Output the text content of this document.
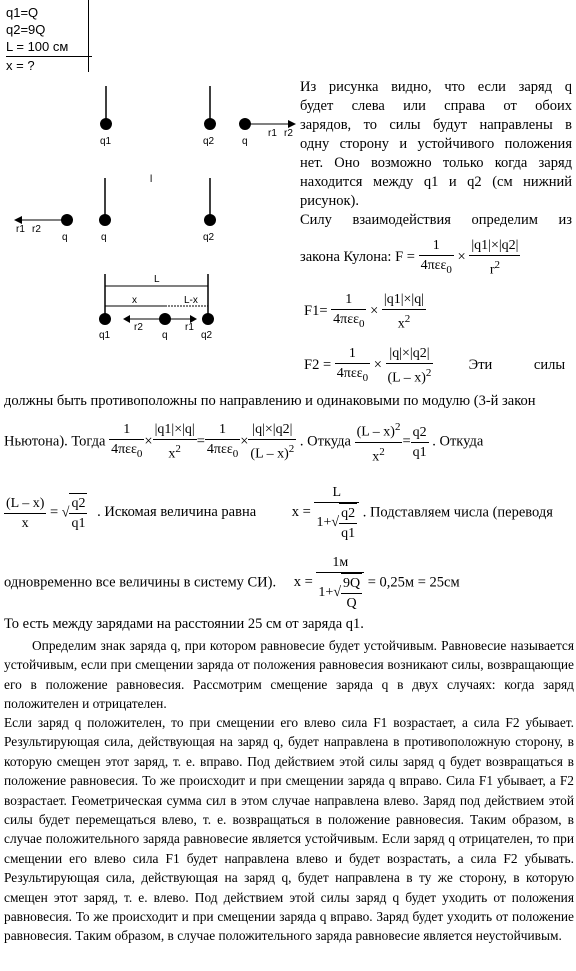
q1=Q
q2=9Q
L = 100 см
x = ?
q1	q2	q
r1 r2
l
r1 r2
q	q	q2
L
x	L-x
r2	r1
q1	q	q2
Из рисунка видно, что если заряд q
будет слева или справа от обоих
зарядов, то силы будут направлены в
одну сторону и устойчивого положения
нет. Оно возможно только когда заряд
находится между q1 и q2 (см нижний
рисунок).
Силу взаимодействия определим из
закона Кулона: $F = \frac{1}{4\pi\varepsilon\varepsilon_0} \times \frac{|q1|\times|q2|}{r^2}$
$F1= \frac{1}{4\pi\varepsilon\varepsilon_0} \times \frac{|q1|\times|q|}{x^2}$
$F2 = \frac{1}{4\pi\varepsilon\varepsilon_0} \times \frac{|q|\times|q2|}{(L - x)^2}$ Эти силы
должны быть противоположны по направлению и одинаковыми по модулю (3-й закон
Ньютона). Тогда $\frac{1}{4\pi\varepsilon\varepsilon_0} \times \frac{|q1|\times|q|}{x^2} = \frac{1}{4\pi\varepsilon\varepsilon_0} \times \frac{|q|\times|q2|}{(L - x)^2}$ . Откуда $\frac{(L - x)^2}{x^2} = \frac{q2}{q1}$ . Откуда
$\frac{(L - x)}{x}$ = √ $\frac{q2}{q1}$ . Искомая величина равна $x = \frac{L}{1+√ \frac{q2}{q1}}$ . Подставляем числа (переводя
одновременно все величины в систему СИ). $x = \frac{1м}{1+√ \frac{9Q}{Q}} = 0,25м = 25см$
То есть между зарядами на расстоянии 25 см от заряда q1.
Определим знак заряда q, при котором равновесие будет устойчивым. Равновесие называется устойчивым, если при смещении заряда от положения равновесия возникают силы, возвращающие его в положение равновесия. Рассмотрим смещение заряда q в двух случаях: когда заряд положителен и отрицателен.
Если заряд q положителен, то при смещении его влево сила F1 возрастает, а сила F2 убывает. Результирующая сила, действующая на заряд q, будет направлена в противоположную сторону, в которую смещен этот заряд, т. е. вправо. Под действием этой силы заряд q будет возвращаться в положение равновесия. То же происходит и при смещении заряда q вправо. Сила F1 убывает, а F2 возрастает. Геометрическая сумма сил в этом случае направлена влево. Заряд под действием этой силы будет перемещаться влево, т. е. возвращаться в положение равновесия. Таким образом, в случае положительного заряда равновесие является устойчивым. Если заряд q отрицателен, то при смещении его влево сила F1 будет направлена влево и будет возрастать, а сила F2 убывать. Результирующая сила, действующая на заряд q, будет направлена в ту же сторону, в которую смещен этот заряд, т. е. влево. Под действием этой силы заряд q будет уходить от положения равновесия. То же происходит и при смещении заряда q вправо. Заряд будет уходить от положение равновесия. Таким образом, в случае положительного заряда равновесие является неустойчивым.
